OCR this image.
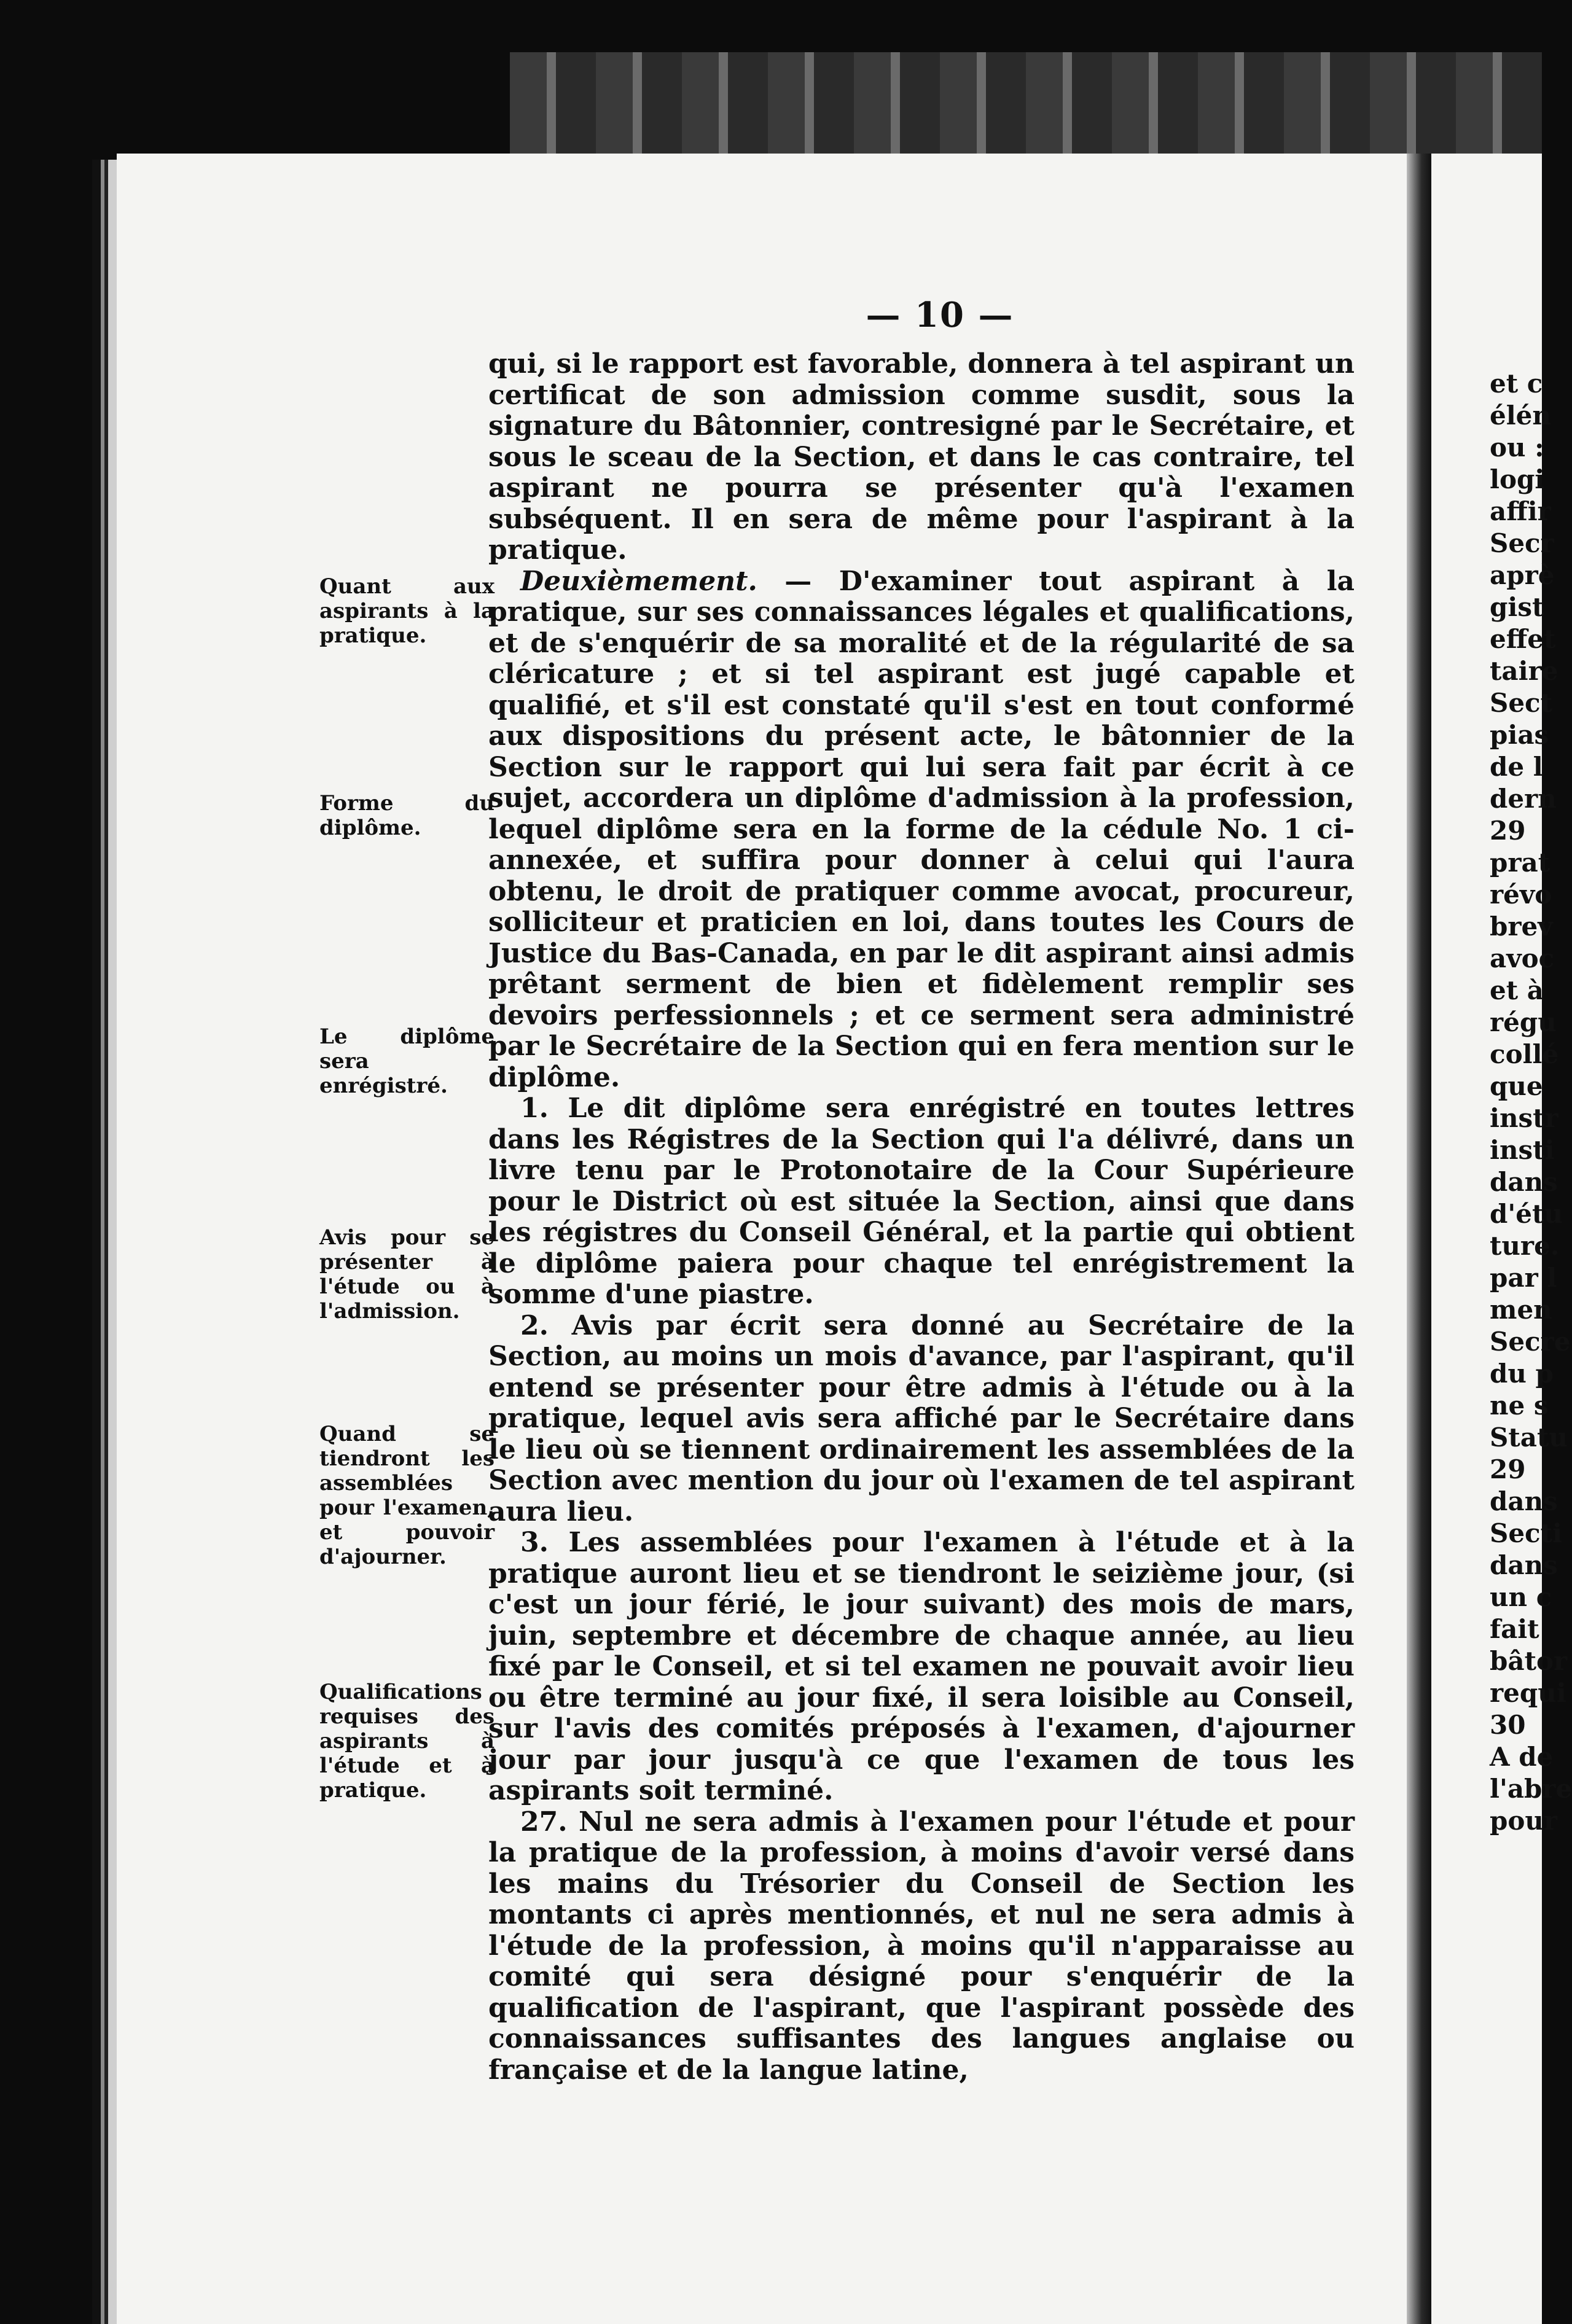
— 10 —
Quant aux aspirants à la pratique.
Forme du diplôme.
Le diplôme sera enrégistré.
Avis pour se présenter à l'étude ou à l'admission.
Quand se tiendront les assemblées pour l'examen, et pouvoir d'ajourner.
Qualifications requises des aspirants à l'étude et à pratique.

qui, si le rapport est favorable, donnera à tel aspirant un certificat de son admission comme susdit, sous la signature du Bâtonnier, contresigné par le Secrétaire, et sous le sceau de la Section, et dans le cas contraire, tel aspirant ne pourra se présenter qu'à l'examen subséquent. Il en sera de même pour l'aspirant à la pratique.

Deuxièmement. — D'examiner tout aspirant à la pratique, sur ses connaissances légales et qualifications, et de s'enquérir de sa moralité et de la régularité de sa cléricature ; et si tel aspirant est jugé capable et qualifié, et s'il est constaté qu'il s'est en tout conformé aux dispositions du présent acte, le bâtonnier de la Section sur le rapport qui lui sera fait par écrit à ce sujet, accordera un diplôme d'admission à la profession, lequel diplôme sera en la forme de la cédule No. 1 ci-annexée, et suffira pour donner à celui qui l'aura obtenu, le droit de pratiquer comme avocat, procureur, solliciteur et praticien en loi, dans toutes les Cours de Justice du Bas-Canada, en par le dit aspirant ainsi admis prêtant serment de bien et fidèlement remplir ses devoirs perfessionnels ; et ce serment sera administré par le Secrétaire de la Section qui en fera mention sur le diplôme.

1. Le dit diplôme sera enrégistré en toutes lettres dans les Régistres de la Section qui l'a délivré, dans un livre tenu par le Protonotaire de la Cour Supérieure pour le District où est située la Section, ainsi que dans les régistres du Conseil Général, et la partie qui obtient le diplôme paiera pour chaque tel enrégistrement la somme d'une piastre.

2. Avis par écrit sera donné au Secrétaire de la Section, au moins un mois d'avance, par l'aspirant, qu'il entend se présenter pour être admis à l'étude ou à la pratique, lequel avis sera affiché par le Secrétaire dans le lieu où se tiennent ordinairement les assemblées de la Section avec mention du jour où l'examen de tel aspirant aura lieu.

3. Les assemblées pour l'examen à l'étude et à la pratique auront lieu et se tiendront le seizième jour, (si c'est un jour férié, le jour suivant) des mois de mars, juin, septembre et décembre de chaque année, au lieu fixé par le Conseil, et si tel examen ne pouvait avoir lieu ou être terminé au jour fixé, il sera loisible au Conseil, sur l'avis des comités préposés à l'examen, d'ajourner jour par jour jusqu'à ce que l'examen de tous les aspirants soit terminé.

27. Nul ne sera admis à l'examen pour l'étude et pour la pratique de la profession, à moins d'avoir versé dans les mains du Trésorier du Conseil de Section les montants ci après mentionnés, et nul ne sera admis à l'étude de la profession, à moins qu'il n'apparaisse au comité qui sera désigné pour s'enquérir de la qualification de l'aspirant, que l'aspirant possède des connaissances suffisantes des langues anglaise ou française et de la langue latine,

et c
élén
ou :
logi
affir
Secr
aprè
gist
effet
taire
Sect
pias
de l
dern
29
prat
révo
brev
avoc
et à
régu
collé
que
instr
insti
dans
d'étu
ture.
par l
men
Secre
du p
ne s
Statu
29
dans
Secti
dans
un c
fait
bâtor
requi
30
A de
l'abre
pour
